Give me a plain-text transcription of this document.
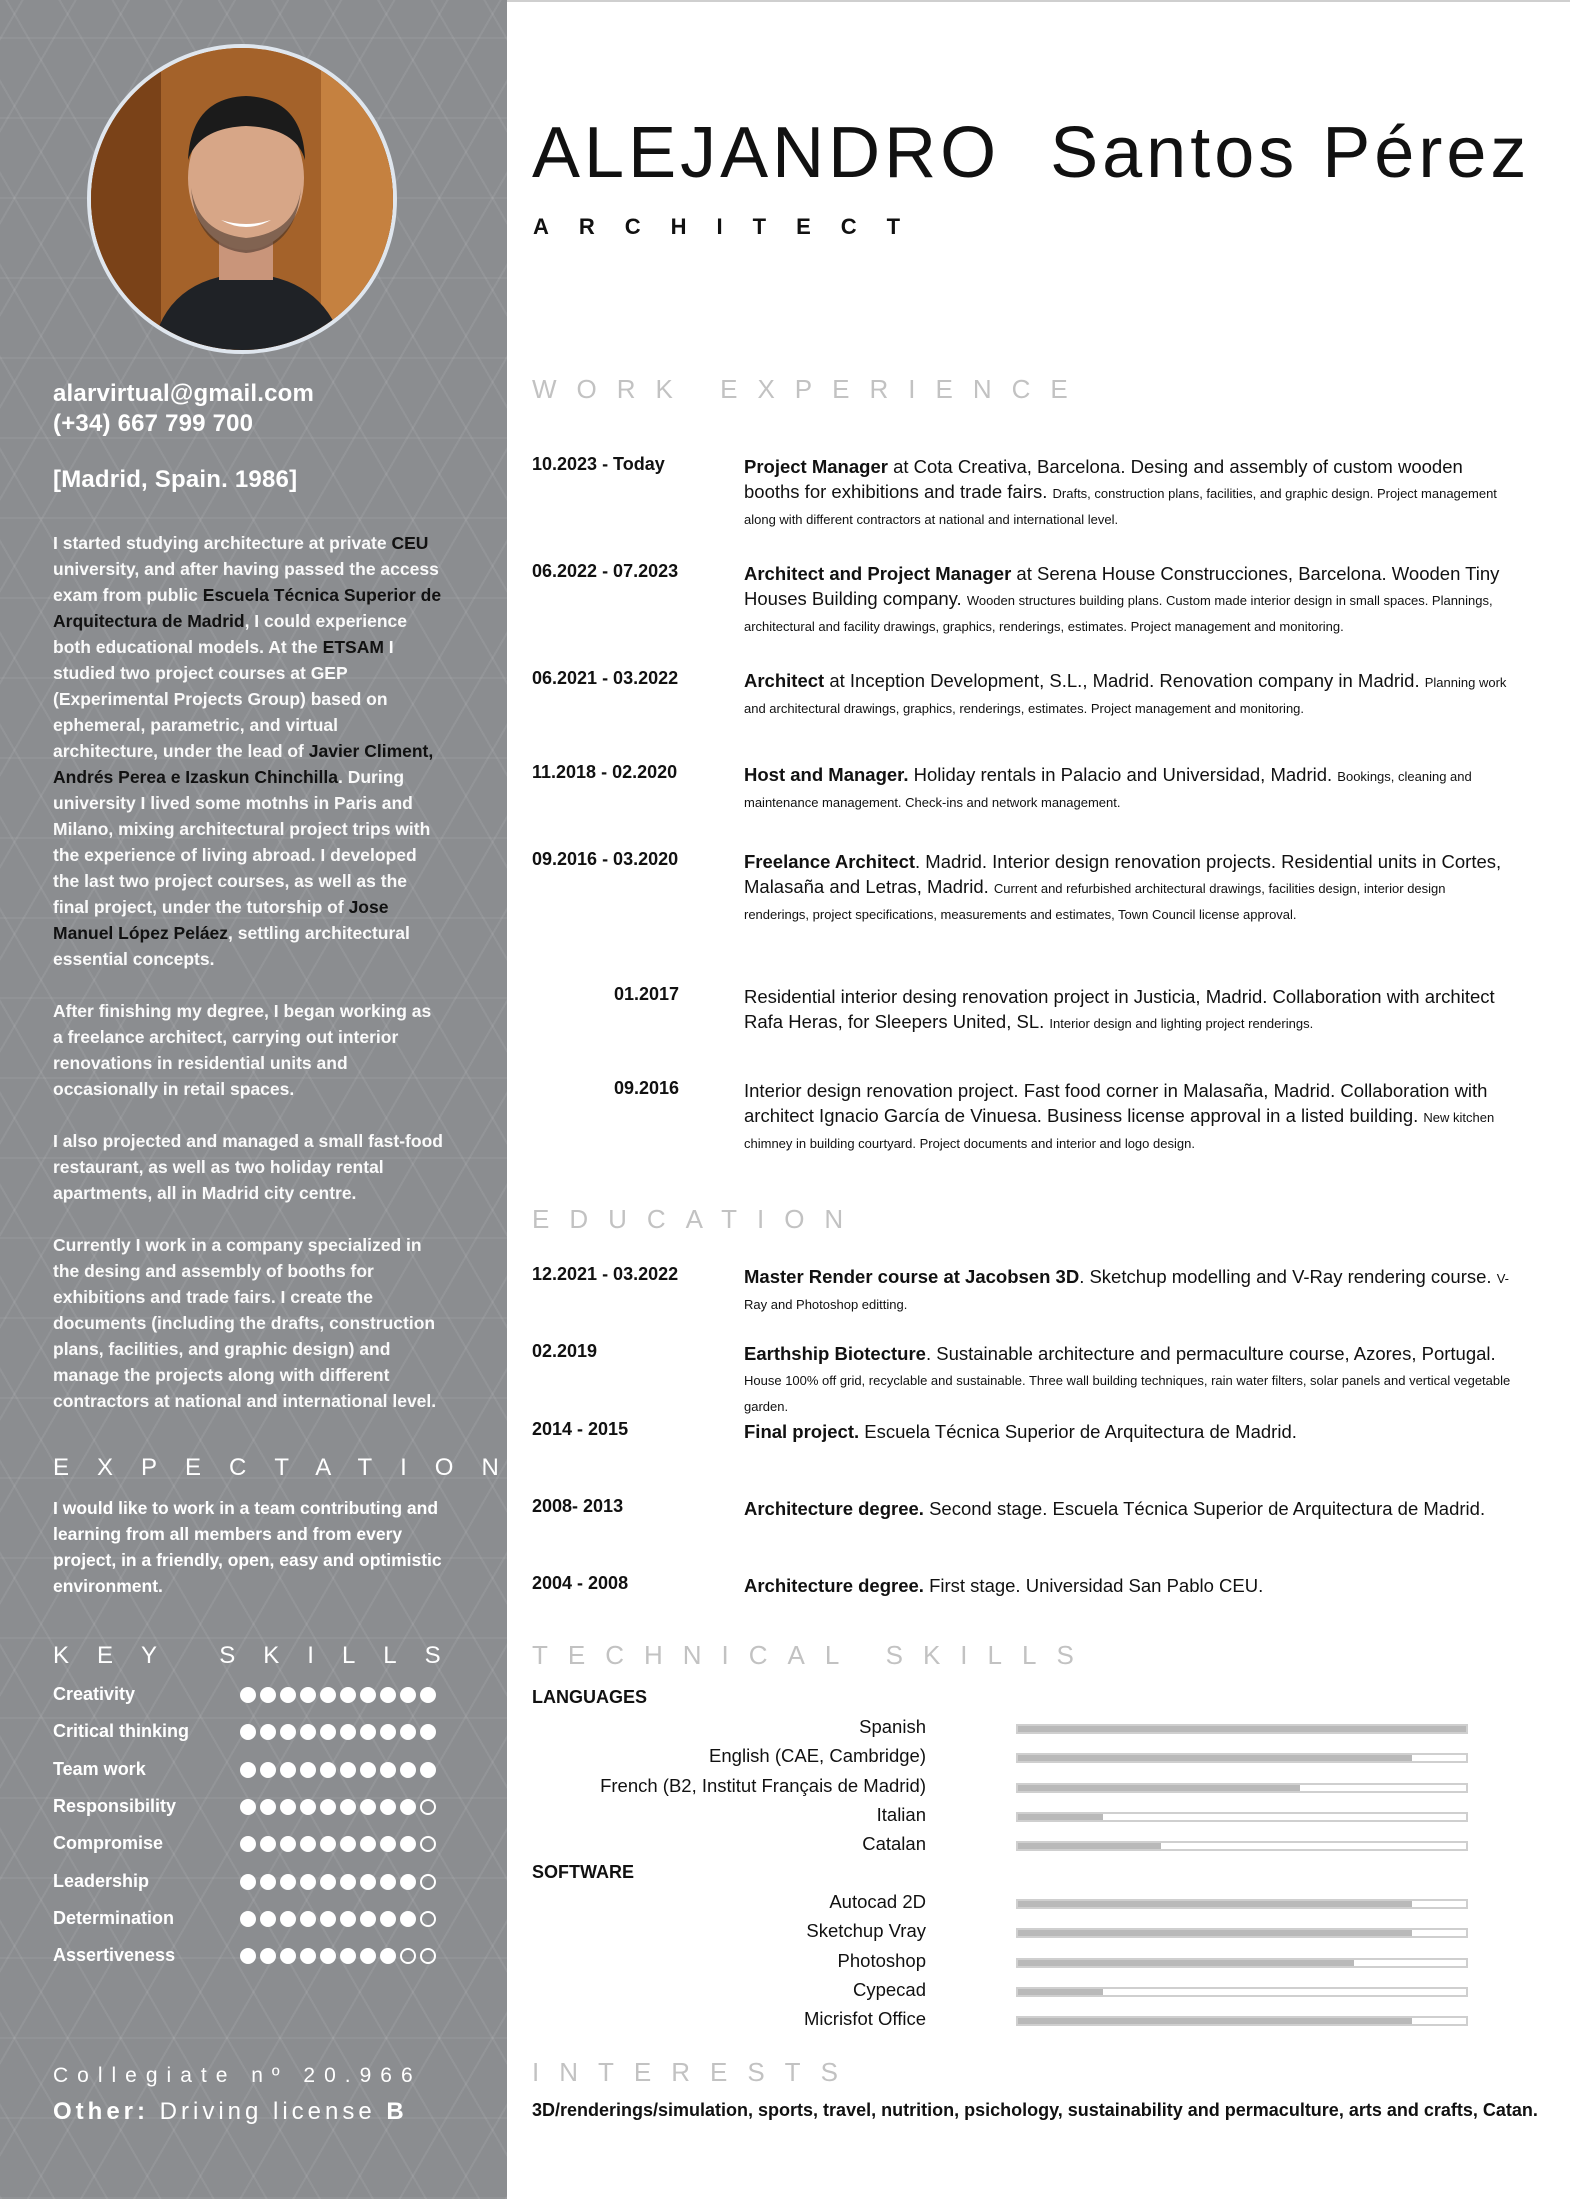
alarvirtual@gmail.com
(+34) 667 799 700
[Madrid, Spain. 1986]

I started studying architecture at private CEU university, and after having passed the access exam from public Escuela Técnica Superior de Arquitectura de Madrid, I could experience both educational models. At the ETSAM I studied two project courses at GEP (Experimental Projects Group) based on ephemeral, parametric, and virtual architecture, under the lead of Javier Climent, Andrés Perea e Izaskun Chinchilla. During university I lived some motnhs in Paris and Milano, mixing architectural project trips with the experience of living abroad. I developed the last two project courses, as well as the final project, under the tutorship of Jose Manuel López Peláez, settling architectural essential concepts.

After finishing my degree, I began working as a freelance architect, carrying out interior renovations in residential units and occasionally in retail spaces.

I also projected and managed a small fast-food restaurant, as well as two holiday rental apartments, all in Madrid city centre.

Currently I work in a company specialized in the desing and assembly of booths for exhibitions and trade fairs. I create the documents (including the drafts, construction plans, facilities, and graphic design) and manage the projects along with different contractors at national and international level.

EXPECTATIONS
I would like to work in a team contributing and learning from all members and from every project, in a friendly, open, easy and optimistic environment.
KEY SKILLS
Creativity
Critical thinking
Team work
Responsibility
Compromise
Leadership
Determination
Assertiveness
Collegiate nº 20.966
Other: Driving license B
ALEJANDRO Santos Pérez
ARCHITECT
WORK EXPERIENCE
10.2023 - Today	Project Manager at Cota Creativa, Barcelona. Desing and assembly of custom wooden booths for exhibitions and trade fairs. Drafts, construction plans, facilities, and graphic design. Project management along with different contractors at national and international level.
06.2022 - 07.2023	Architect and Project Manager at Serena House Construcciones, Barcelona. Wooden Tiny Houses Building company. Wooden structures building plans. Custom made interior design in small spaces. Plannings, architectural and facility drawings, graphics, renderings, estimates. Project management and monitoring.
06.2021 - 03.2022	Architect at Inception Development, S.L., Madrid. Renovation company in Madrid. Planning work and architectural drawings, graphics, renderings, estimates. Project management and monitoring.
11.2018 - 02.2020	Host and Manager. Holiday rentals in Palacio and Universidad, Madrid. Bookings, cleaning and maintenance management. Check-ins and network management.
09.2016 - 03.2020	Freelance Architect. Madrid. Interior design renovation projects. Residential units in Cortes, Malasaña and Letras, Madrid. Current and refurbished architectural drawings, facilities design, interior design renderings, project specifications, measurements and estimates, Town Council license approval.
01.2017	Residential interior desing renovation project in Justicia, Madrid. Collaboration with architect Rafa Heras, for Sleepers United, SL. Interior design and lighting project renderings.
09.2016	Interior design renovation project. Fast food corner in Malasaña, Madrid. Collaboration with architect Ignacio García de Vinuesa. Business license approval in a listed building. New kitchen chimney in building courtyard. Project documents and interior and logo design.
EDUCATION
12.2021 - 03.2022	Master Render course at Jacobsen 3D. Sketchup modelling and V-Ray rendering course. V-Ray and Photoshop editting.
02.2019	Earthship Biotecture. Sustainable architecture and permaculture course, Azores, Portugal. House 100% off grid, recyclable and sustainable. Three wall building techniques, rain water filters, solar panels and vertical vegetable garden.
2014 - 2015	Final project. Escuela Técnica Superior de Arquitectura de Madrid.
2008- 2013	Architecture degree. Second stage. Escuela Técnica Superior de Arquitectura de Madrid.
2004 - 2008	Architecture degree. First stage. Universidad San Pablo CEU.
TECHNICAL SKILLS
LANGUAGES
Spanish
English (CAE, Cambridge)
French (B2, Institut Français de Madrid)
Italian
Catalan
SOFTWARE
Autocad 2D
Sketchup Vray
Photoshop
Cypecad
Micrisfot Office
INTERESTS
3D/renderings/simulation, sports, travel, nutrition, psichology, sustainability and permaculture, arts and crafts, Catan.
